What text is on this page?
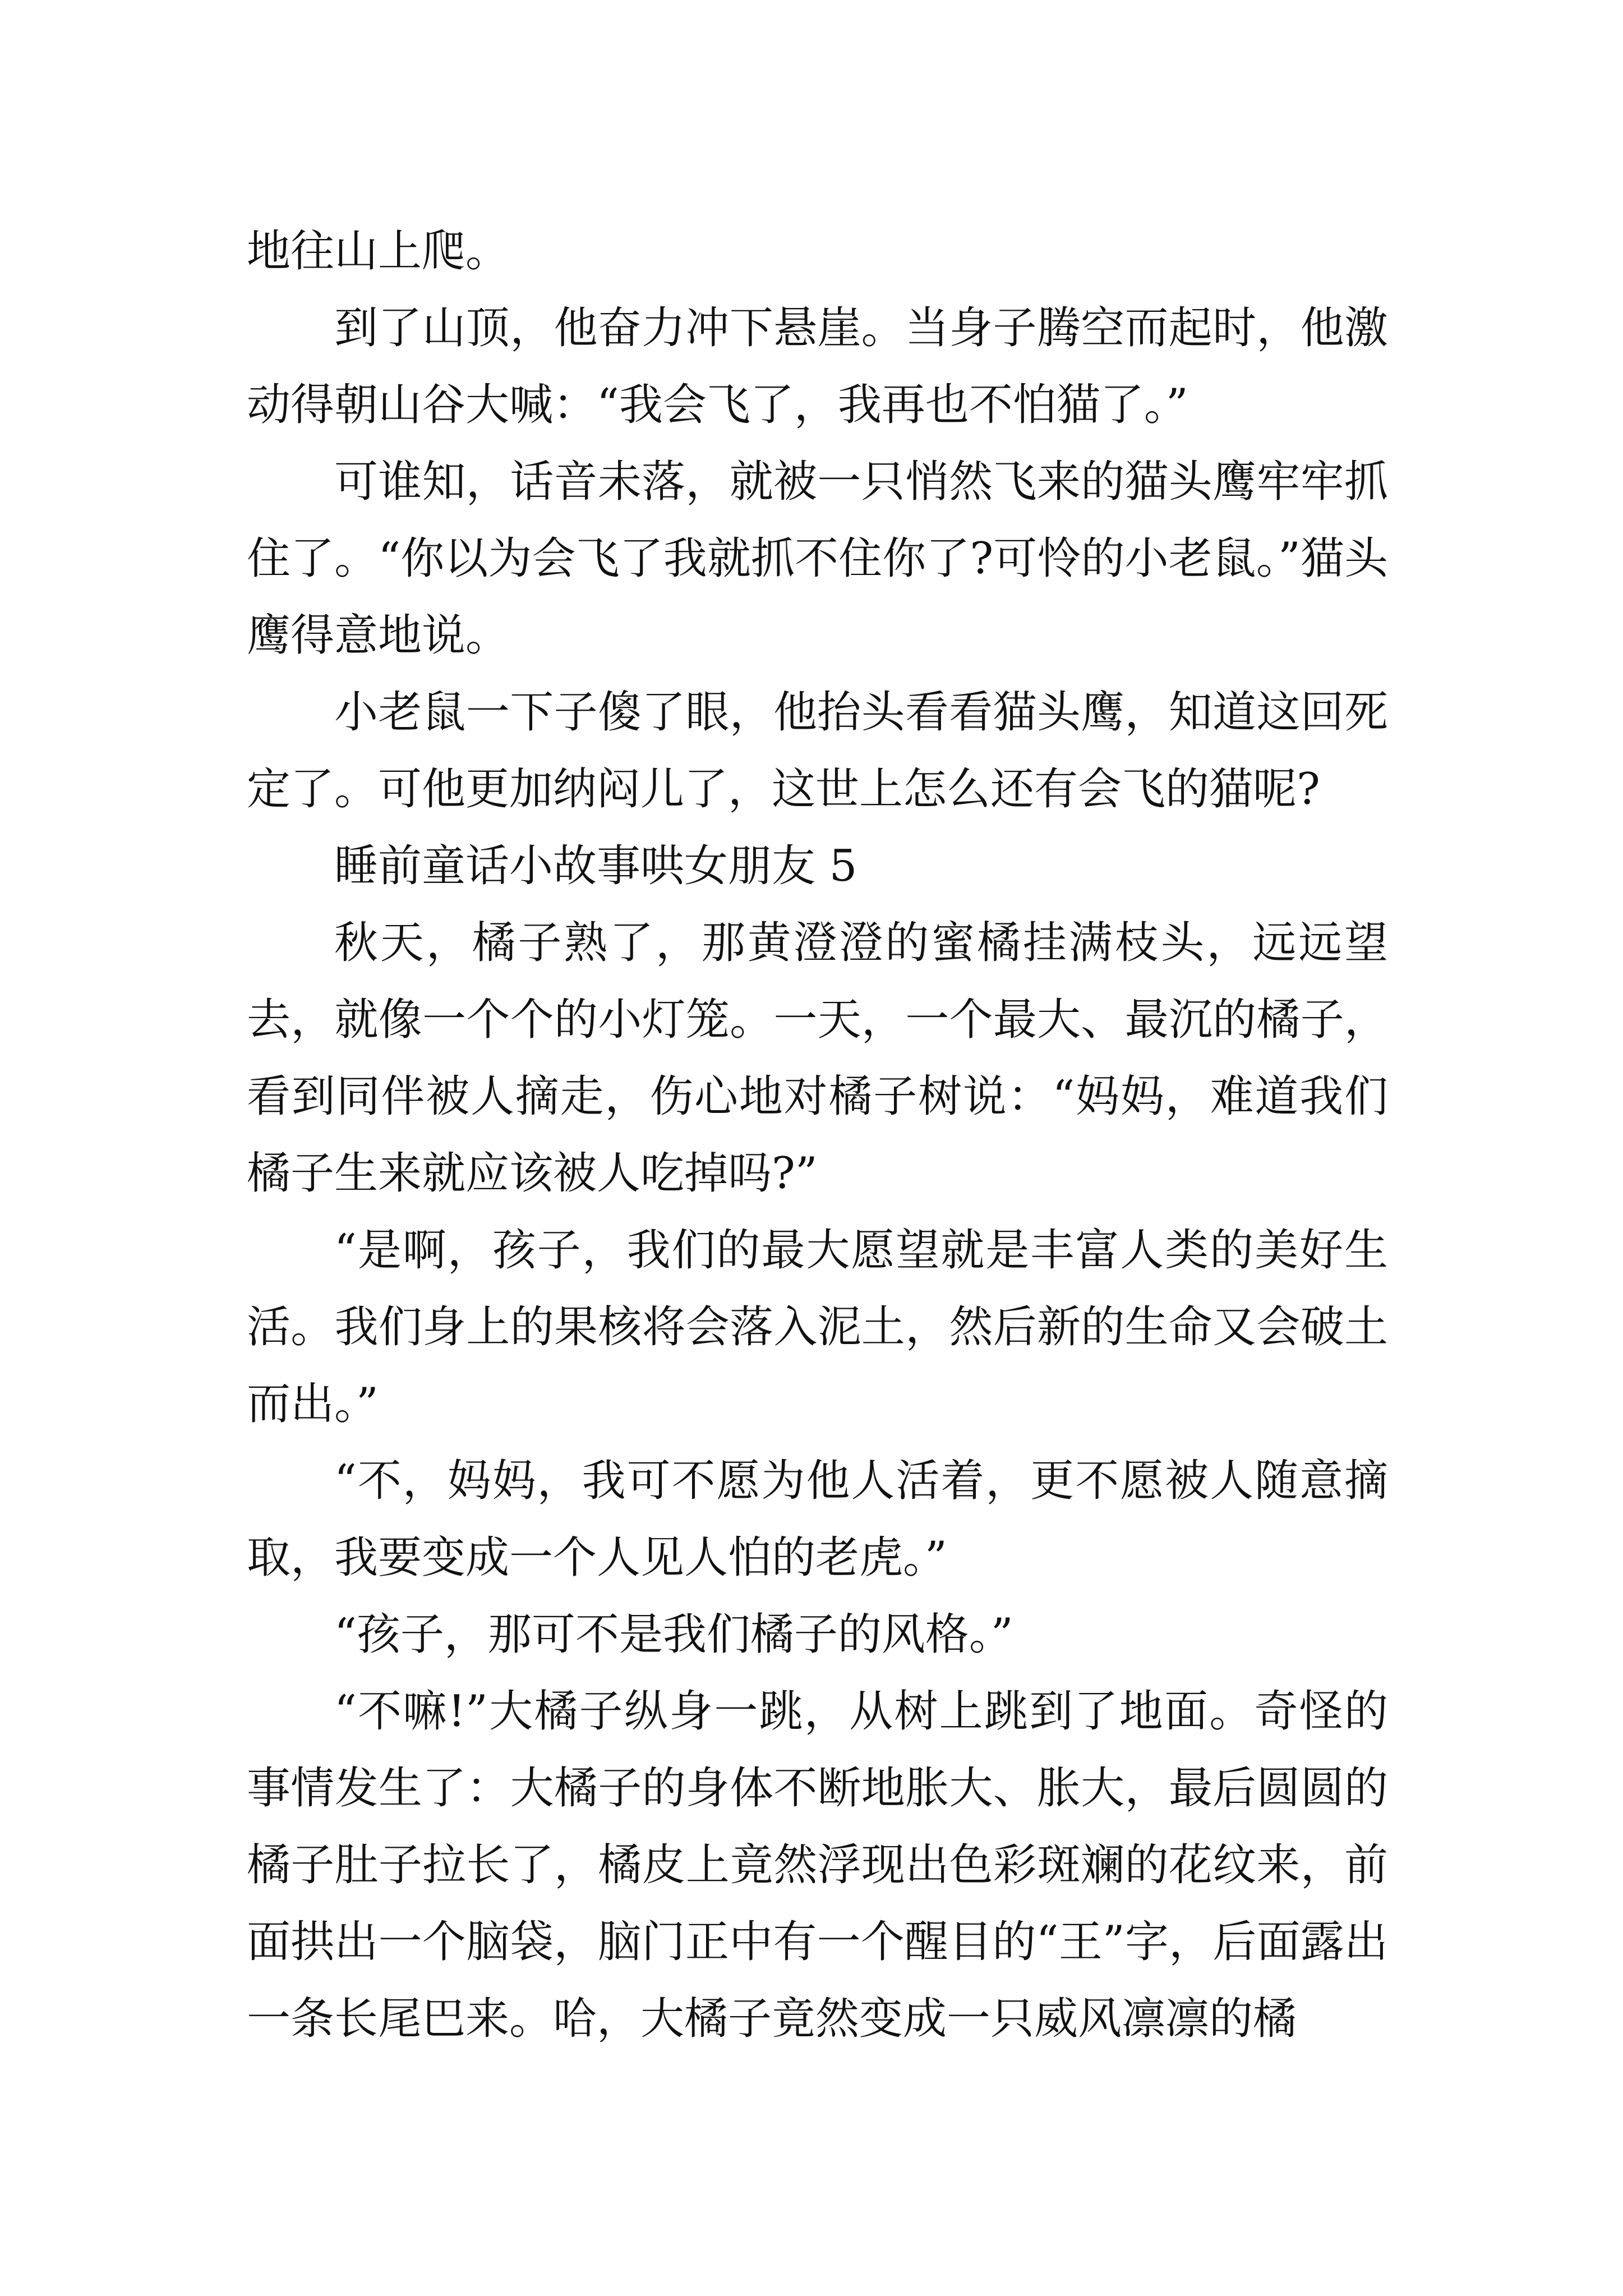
地往山上爬。

到了山顶，他奋力冲下悬崖。当身子腾空而起时，他激动得朝山谷大喊：“我会飞了，我再也不怕猫了。”

可谁知，话音未落，就被一只悄然飞来的猫头鹰牢牢抓住了。“你以为会飞了我就抓不住你了?可怜的小老鼠。”猫头鹰得意地说。

小老鼠一下子傻了眼，他抬头看看猫头鹰，知道这回死定了。可他更加纳闷儿了，这世上怎么还有会飞的猫呢?

睡前童话小故事哄女朋友 5

秋天，橘子熟了，那黄澄澄的蜜橘挂满枝头，远远望去，就像一个个的小灯笼。一天，一个最大、最沉的橘子，看到同伴被人摘走，伤心地对橘子树说：“妈妈，难道我们橘子生来就应该被人吃掉吗?”

“是啊，孩子，我们的最大愿望就是丰富人类的美好生活。我们身上的果核将会落入泥土，然后新的生命又会破土而出。”

“不，妈妈，我可不愿为他人活着，更不愿被人随意摘取，我要变成一个人见人怕的老虎。”

“孩子，那可不是我们橘子的风格。”

“不嘛!”大橘子纵身一跳，从树上跳到了地面。奇怪的事情发生了：大橘子的身体不断地胀大、胀大，最后圆圆的橘子肚子拉长了，橘皮上竟然浮现出色彩斑斓的花纹来，前面拱出一个脑袋，脑门正中有一个醒目的“王”字，后面露出一条长尾巴来。哈，大橘子竟然变成一只威风凛凛的橘
